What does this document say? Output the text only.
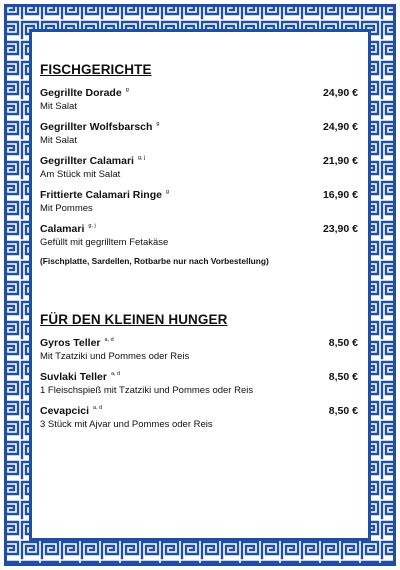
FISCHGERICHTE
Gegrillte Dorade $^g$	24,90 €
Mit Salat
Gegrillter Wolfsbarsch $^g$	24,90 €
Mit Salat
Gegrillter Calamari $^{g, j}$	21,90 €
Am Stück mit Salat
Frittierte Calamari Ringe $^g$	16,90 €
Mit Pommes
Calamari $^{g, j}$	23,90 €
Gefüllt mit gegrilltem Fetakäse
(Fischplatte, Sardellen, Rotbarbe nur nach Vorbestellung)
FÜR DEN KLEINEN HUNGER
Gyros Teller $^{a, d}$	8,50 €
Mit Tzatziki und Pommes oder Reis
Suvlaki Teller $^{a, d}$	8,50 €
1 Fleischspieß mit Tzatziki und Pommes oder Reis
Cevapcici $^{a, d}$	8,50 €
3 Stück mit Ajvar und Pommes oder Reis
